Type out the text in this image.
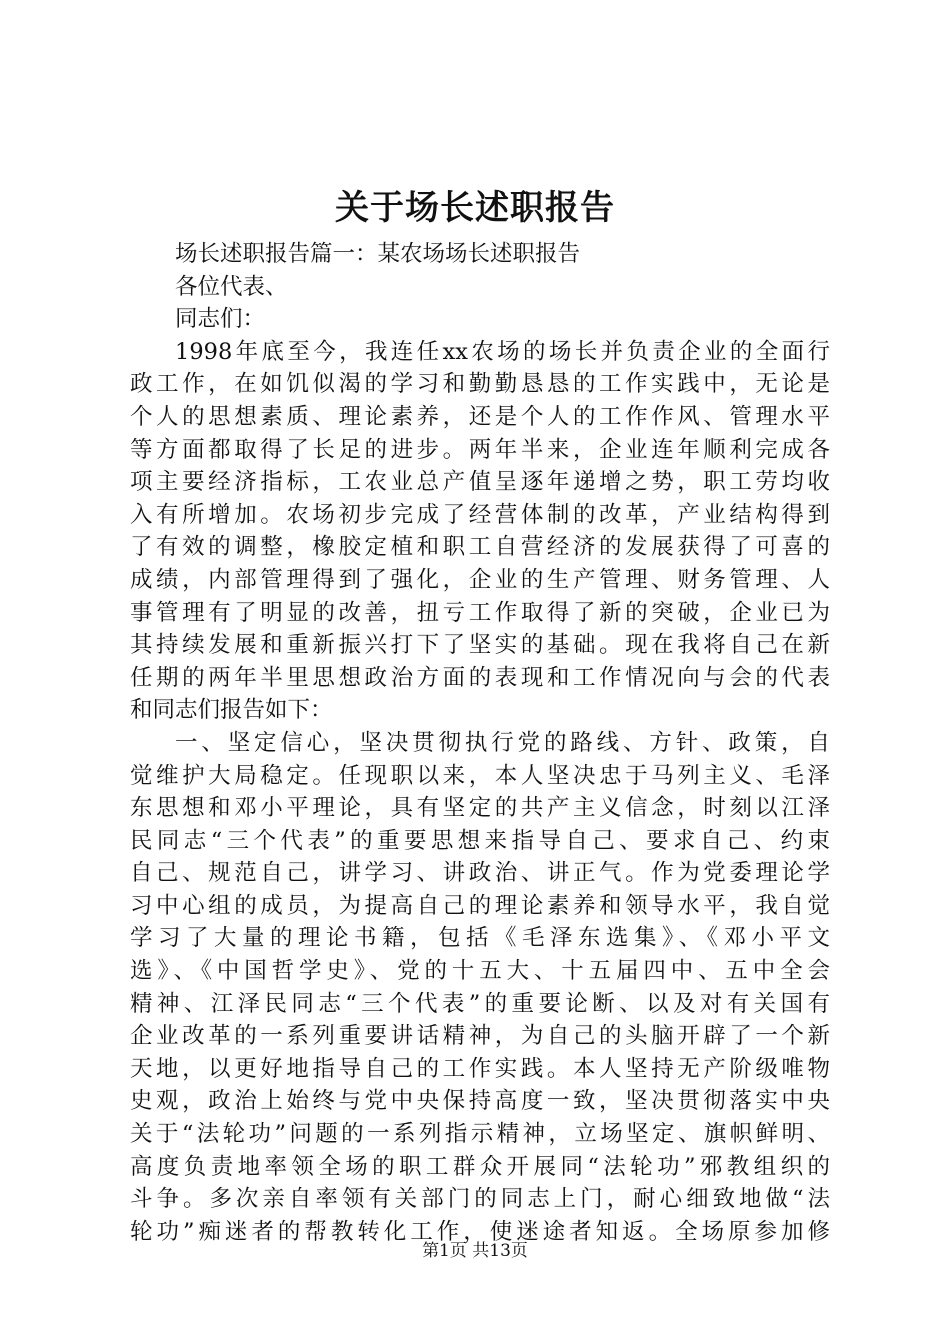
关于场长述职报告
场长述职报告篇一：某农场场长述职报告
各位代表、
同志们：
1998年底至今，我连任xx农场的场长并负责企业的全面行
政工作，在如饥似渴的学习和勤勤恳恳的工作实践中，无论是
个人的思想素质、理论素养，还是个人的工作作风、管理水平
等方面都取得了长足的进步。两年半来，企业连年顺利完成各
项主要经济指标，工农业总产值呈逐年递增之势，职工劳均收
入有所增加。农场初步完成了经营体制的改革，产业结构得到
了有效的调整，橡胶定植和职工自营经济的发展获得了可喜的
成绩，内部管理得到了强化，企业的生产管理、财务管理、人
事管理有了明显的改善，扭亏工作取得了新的突破，企业已为
其持续发展和重新振兴打下了坚实的基础。现在我将自己在新
任期的两年半里思想政治方面的表现和工作情况向与会的代表
和同志们报告如下：
一、坚定信心，坚决贯彻执行党的路线、方针、政策，自
觉维护大局稳定。任现职以来，本人坚决忠于马列主义、毛泽
东思想和邓小平理论，具有坚定的共产主义信念，时刻以江泽
民同志“三个代表”的重要思想来指导自己、要求自己、约束
自己、规范自己，讲学习、讲政治、讲正气。作为党委理论学
习中心组的成员，为提高自己的理论素养和领导水平，我自觉
学习了大量的理论书籍，包括《毛泽东选集》、《邓小平文
选》、《中国哲学史》、党的十五大、十五届四中、五中全会
精神、江泽民同志“三个代表”的重要论断、以及对有关国有
企业改革的一系列重要讲话精神，为自己的头脑开辟了一个新
天地，以更好地指导自己的工作实践。本人坚持无产阶级唯物
史观，政治上始终与党中央保持高度一致，坚决贯彻落实中央
关于“法轮功”问题的一系列指示精神，立场坚定、旗帜鲜明、
高度负责地率领全场的职工群众开展同“法轮功”邪教组织的
斗争。多次亲自率领有关部门的同志上门，耐心细致地做“法
轮功”痴迷者的帮教转化工作，使迷途者知返。全场原参加修
第1页 共13页
